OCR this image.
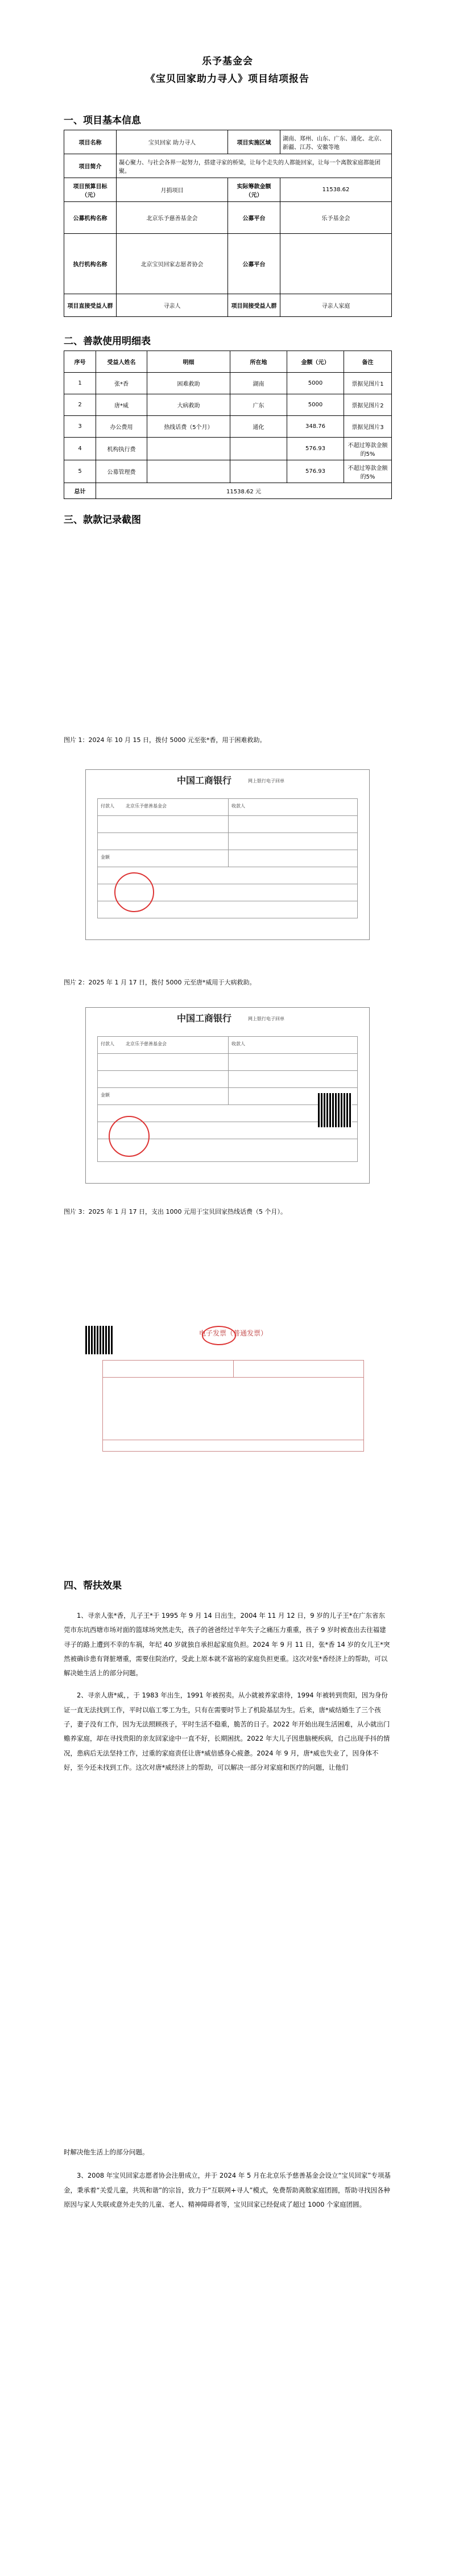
乐予基金会
《宝贝回家助力寻人》项目结项报告
一、项目基本信息
项目名称	宝贝回家 助力寻人	项目实施区域	湖南、郑州、山东、广东、通化、北京、新疆、江苏、安徽等地
项目简介	凝心聚力、与社会各界一起努力，搭建寻家的桥梁，让每个走失的人都能回家，让每一个离散家庭都能团聚。		
项目预算目标（元）	月捐项目	实际筹款金额（元）	11538.62
公募机构名称	北京乐予慈善基金会	公募平台	乐予基金会
执行机构名称	北京宝贝回家志愿者协会	公募平台	
项目直接受益人群	寻亲人	项目间接受益人群	寻亲人家庭
二、善款使用明细表
序号	受益人姓名	明细	所在地	金额（元）	备注
1	张*香	困难救助	湖南	5000	票据见图片1
2	唐*威	大病救助	广东	5000	票据见图片2
3	办公费用	热线话费（5个月）	通化	348.76	票据见图片3
4	机构执行费			576.93	不超过筹款金额的5%
5	公募管理费			576.93	不超过筹款金额的5%
总计	11538.62 元				
三、款款记录截图

图片 1：2024 年 10 月 15 日，拨付 5000 元至张*香，用于困难救助。

中国工商银行	网上银行电子回单
付款人	北京乐予慈善基金会	收款人
金额

图片 2：2025 年 1 月 17 日，拨付 5000 元至唐*威用于大病救助。

中国工商银行	网上银行电子回单
付款人	北京乐予慈善基金会	收款人
金额

图片 3：2025 年 1 月 17 日，支出 1000 元用于宝贝回家热线话费（5 个月）。

电子发票（普通发票）
四、帮扶效果

1、寻亲人张*香，儿子王*于 1995 年 9 月 14 日出生，2004 年 11 月 12 日，9 岁的儿子王*在广东省东莞市东坑西塘市场对面的篮球场突然走失，孩子的爸爸经过半年失子之痛压力重重，孩子 9 岁时被查出去往福建寻子的路上遭到不幸的车祸，年纪 40 岁就独自承担起家庭负担。2024 年 9 月 11 日，张*香 14 岁的女儿王*突然被确诊患有肾脏增重，需要住院治疗，受此上原本就不富裕的家庭负担更重。这次对张*香经济上的帮助，可以解决她生活上的部分问题。

2、寻亲人唐*威，，于 1983 年出生，1991 年被拐卖。从小就被养家虐待，1994 年被转到贵阳，因为身份证一直无法找到工作，平时以临工零工为生，只有在需要时节上了机险基层为生。后来，唐*威结婚生了三个孩子，妻子没有工作，因为无法照顾孩子，平时生活不稳重，脆苦的日子。2022 年开始出现生活困难，从小就出门赡养家庭，却在寻找贵阳的亲友回家途中一直不好，长期困扰。2022 年大儿子因患脑梗疾病，自己出现手抖的情况，患病后无法坚持工作，过重的家庭责任让唐*威倍感身心疲惫。2024 年 9 月，唐*威也失业了，因身体不好，至今还未找到工作。这次对唐*威经济上的帮助，可以解决一部分对家庭和医疗的问题，让他们

时解决他生活上的部分问题。

3、2008 年宝贝回家志愿者协会注册成立，并于 2024 年 5 月在北京乐予慈善基金会设立“宝贝回家”专项基金，秉承着“关爱儿童，共筑和谐”的宗旨，致力于“互联网+寻人”模式，免费帮助离散家庭团圆，帮助寻找因各种原因与家人失联或意外走失的儿童、老人、精神障碍者等，宝贝回家已经促成了超过 1000 个家庭团圆。
